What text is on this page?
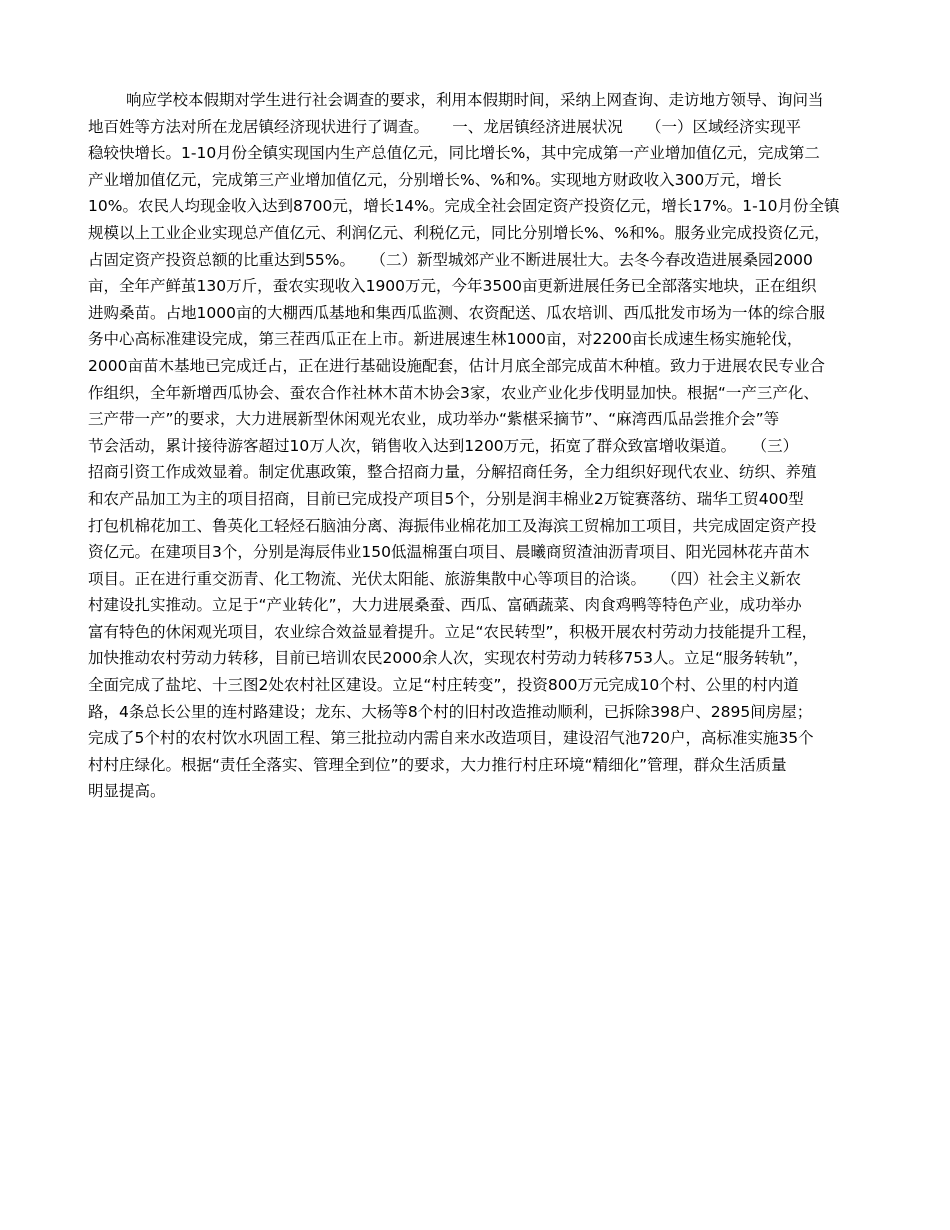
响应学校本假期对学生进行社会调查的要求，利用本假期时间，采纳上网查询、走访地方领导、询问当
地百姓等方法对所在龙居镇经济现状进行了调查。　　一、龙居镇经济进展状况　　（一）区域经济实现平
稳较快增长。1-10月份全镇实现国内生产总值亿元，同比增长%，其中完成第一产业增加值亿元，完成第二
产业增加值亿元，完成第三产业增加值亿元，分别增长%、%和%。实现地方财政收入300万元，增长
10%。农民人均现金收入达到8700元，增长14%。完成全社会固定资产投资亿元，增长17%。1-10月份全镇
规模以上工业企业实现总产值亿元、利润亿元、利税亿元，同比分别增长%、%和%。服务业完成投资亿元，
占固定资产投资总额的比重达到55%。　　（二）新型城郊产业不断进展壮大。去冬今春改造进展桑园2000
亩，全年产鲜茧130万斤，蚕农实现收入1900万元，今年3500亩更新进展任务已全部落实地块，正在组织
进购桑苗。占地1000亩的大棚西瓜基地和集西瓜监测、农资配送、瓜农培训、西瓜批发市场为一体的综合服
务中心高标准建设完成，第三茬西瓜正在上市。新进展速生林1000亩，对2200亩长成速生杨实施轮伐，
2000亩苗木基地已完成迁占，正在进行基础设施配套，估计月底全部完成苗木种植。致力于进展农民专业合
作组织，全年新增西瓜协会、蚕农合作社林木苗木协会3家，农业产业化步伐明显加快。根据“一产三产化、
三产带一产”的要求，大力进展新型休闲观光农业，成功举办“紫椹采摘节”、“麻湾西瓜品尝推介会”等
节会活动，累计接待游客超过10万人次，销售收入达到1200万元，拓宽了群众致富增收渠道。　　（三）
招商引资工作成效显着。制定优惠政策，整合招商力量，分解招商任务，全力组织好现代农业、纺织、养殖
和农产品加工为主的项目招商，目前已完成投产项目5个，分别是润丰棉业2万锭赛落纺、瑞华工贸400型
打包机棉花加工、鲁英化工轻烃石脑油分离、海振伟业棉花加工及海滨工贸棉加工项目，共完成固定资产投
资亿元。在建项目3个，分别是海辰伟业150低温棉蛋白项目、晨曦商贸渣油沥青项目、阳光园林花卉苗木
项目。正在进行重交沥青、化工物流、光伏太阳能、旅游集散中心等项目的洽谈。　　（四）社会主义新农
村建设扎实推动。立足于“产业转化”，大力进展桑蚕、西瓜、富硒蔬菜、肉食鸡鸭等特色产业，成功举办
富有特色的休闲观光项目，农业综合效益显着提升。立足“农民转型”，积极开展农村劳动力技能提升工程，
加快推动农村劳动力转移，目前已培训农民2000余人次，实现农村劳动力转移753人。立足“服务转轨”，
全面完成了盐坨、十三图2处农村社区建设。立足“村庄转变”，投资800万元完成10个村、公里的村内道
路，4条总长公里的连村路建设；龙东、大杨等8个村的旧村改造推动顺利，已拆除398户、2895间房屋；
完成了5个村的农村饮水巩固工程、第三批拉动内需自来水改造项目，建设沼气池720户，高标准实施35个
村村庄绿化。根据“责任全落实、管理全到位”的要求，大力推行村庄环境“精细化”管理，群众生活质量
明显提高。
